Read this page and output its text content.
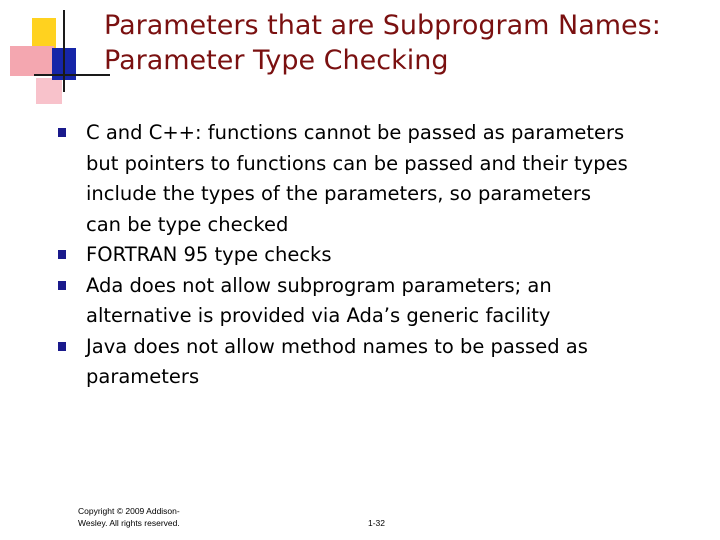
Parameters that are Subprogram Names:
Parameter Type Checking
C and C++: functions cannot be passed as parameters
but pointers to functions can be passed and their types
include the types of the parameters, so parameters
can be type checked
FORTRAN 95 type checks
Ada does not allow subprogram parameters; an
alternative is provided via Ada’s generic facility
Java does not allow method names to be passed as
parameters
Copyright © 2009 Addison-
Wesley. All rights reserved.	1-32
